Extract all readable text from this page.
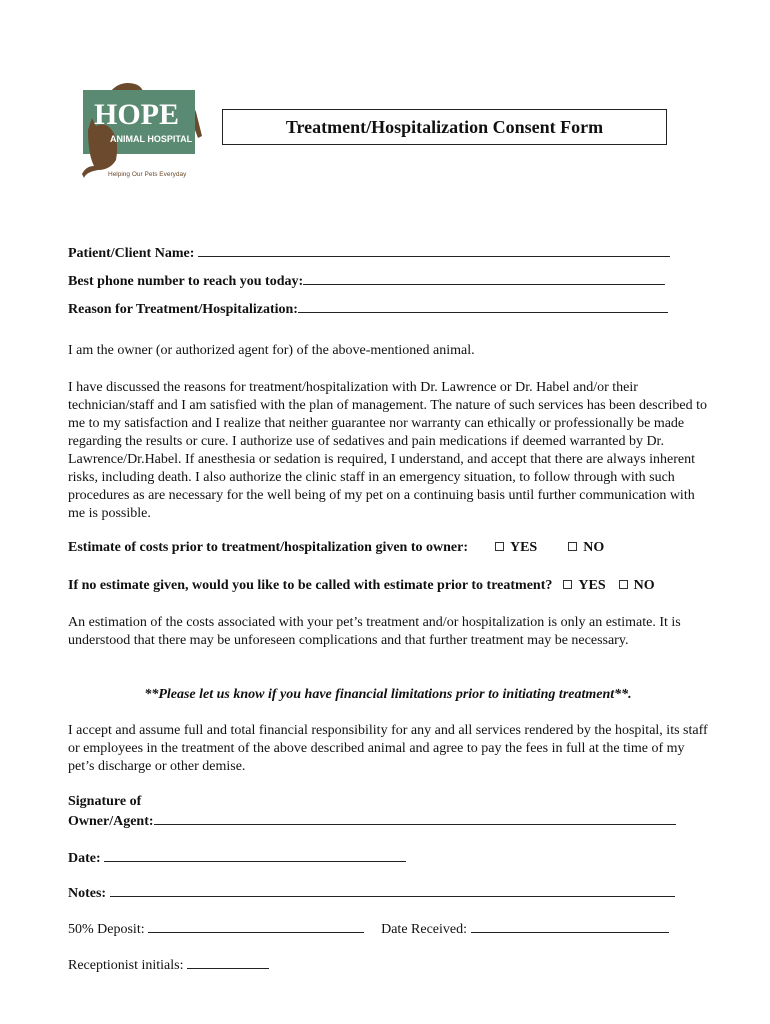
HOPE
ANIMAL HOSPITAL
Helping Our Pets Everyday
Treatment/Hospitalization Consent Form
Patient/Client Name:
Best phone number to reach you today:
Reason for Treatment/Hospitalization:
I am the owner (or authorized agent for) of the above-mentioned animal.
I have discussed the reasons for treatment/hospitalization with Dr. Lawrence or Dr. Habel and/or their technician/staff and I am satisfied with the plan of management. The nature of such services has been described to me to my satisfaction and I realize that neither guarantee nor warranty can ethically or professionally be made regarding the results or cure. I authorize use of sedatives and pain medications if deemed warranted by Dr. Lawrence/Dr.Habel. If anesthesia or sedation is required, I understand, and accept that there are always inherent risks, including death. I also authorize the clinic staff in an emergency situation, to follow through with such procedures as are necessary for the well being of my pet on a continuing basis until further communication with me is possible.
Estimate of costs prior to treatment/hospitalization given to owner:	YES	NO
If no estimate given, would you like to be called with estimate prior to treatment? YES NO
An estimation of the costs associated with your pet’s treatment and/or hospitalization is only an estimate. It is understood that there may be unforeseen complications and that further treatment may be necessary.
**Please let us know if you have financial limitations prior to initiating treatment**.
I accept and assume full and total financial responsibility for any and all services rendered by the hospital, its staff or employees in the treatment of the above described animal and agree to pay the fees in full at the time of my pet’s discharge or other demise.
Signature of
Owner/Agent:
Date:
Notes:
50% Deposit:	Date Received:
Receptionist initials:
